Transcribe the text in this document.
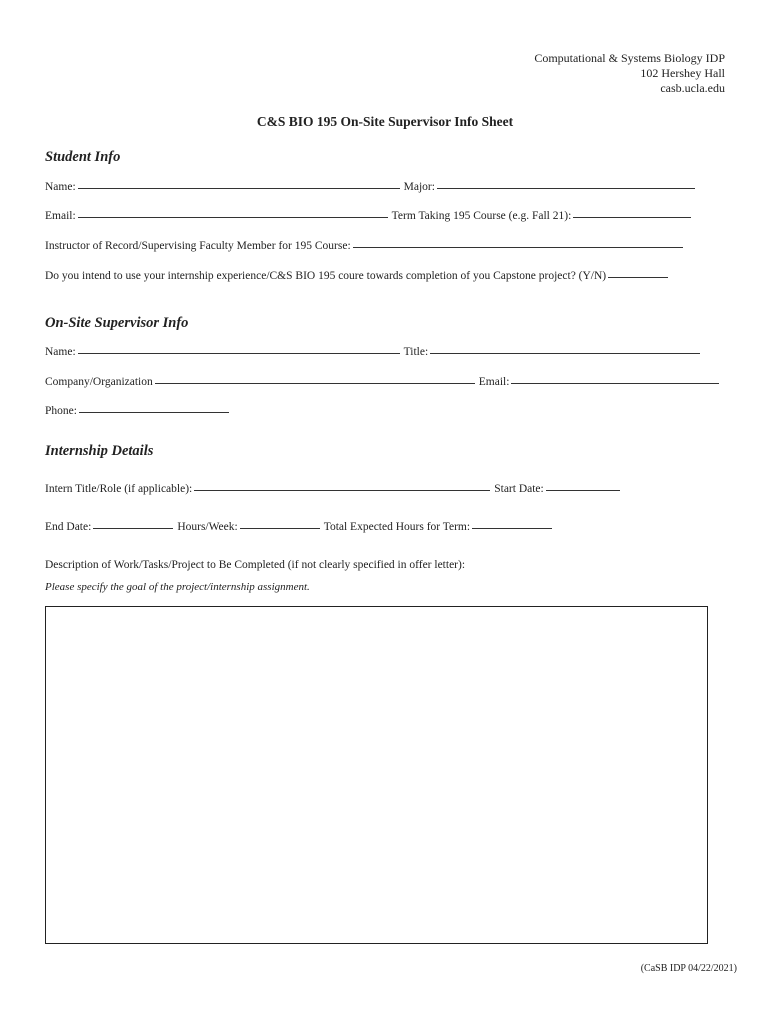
Computational & Systems Biology IDP
102 Hershey Hall
casb.ucla.edu
C&S BIO 195 On-Site Supervisor Info Sheet
Student Info
Name:	Major:
Email:	Term Taking 195 Course (e.g. Fall 21):
Instructor of Record/Supervising Faculty Member for 195 Course:
Do you intend to use your internship experience/C&S BIO 195 coure towards completion of you Capstone project? (Y/N)
On-Site Supervisor Info
Name:	Title:
Company/Organization	Email:
Phone:
Internship Details
Intern Title/Role (if applicable):	Start Date:
End Date:	Hours/Week:	Total Expected Hours for Term:
Description of Work/Tasks/Project to Be Completed (if not clearly specified in offer letter):
Please specify the goal of the project/internship assignment.
(CaSB IDP 04/22/2021)
